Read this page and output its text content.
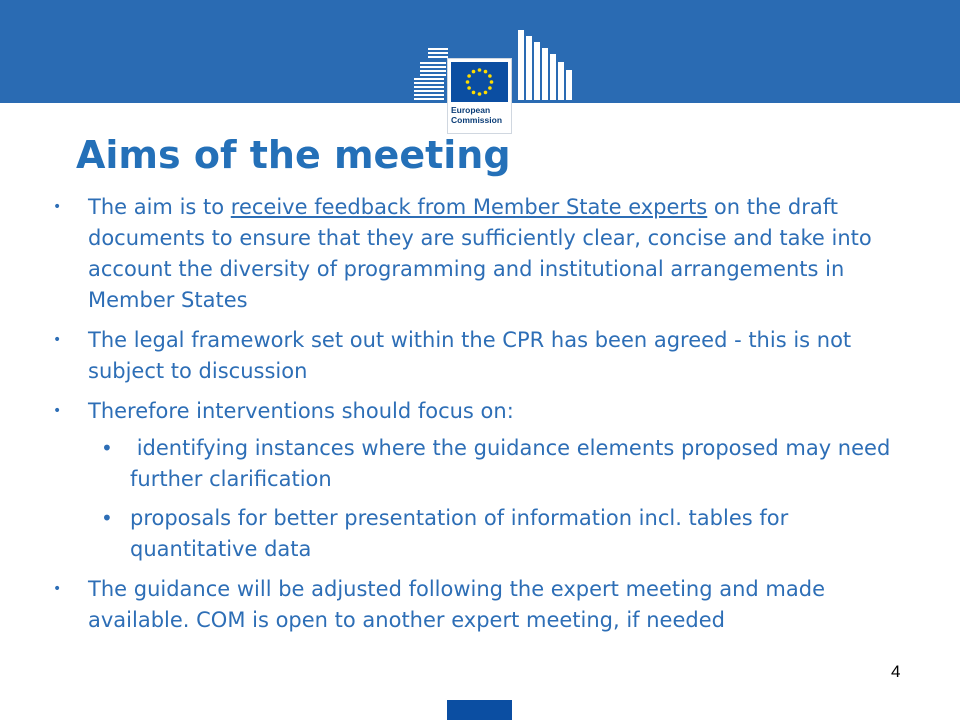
European
Commission
Aims of the meeting
• The aim is to receive feedback from Member State experts on the draft documents to ensure that they are sufficiently clear, concise and take into account the diversity of programming and institutional arrangements in Member States
• The legal framework set out within the CPR has been agreed - this is not subject to discussion
• Therefore interventions should focus on:
• identifying instances where the guidance elements proposed may need further clarification
• proposals for better presentation of information incl. tables for quantitative data
• The guidance will be adjusted following the expert meeting and made available. COM is open to another expert meeting, if needed
4
